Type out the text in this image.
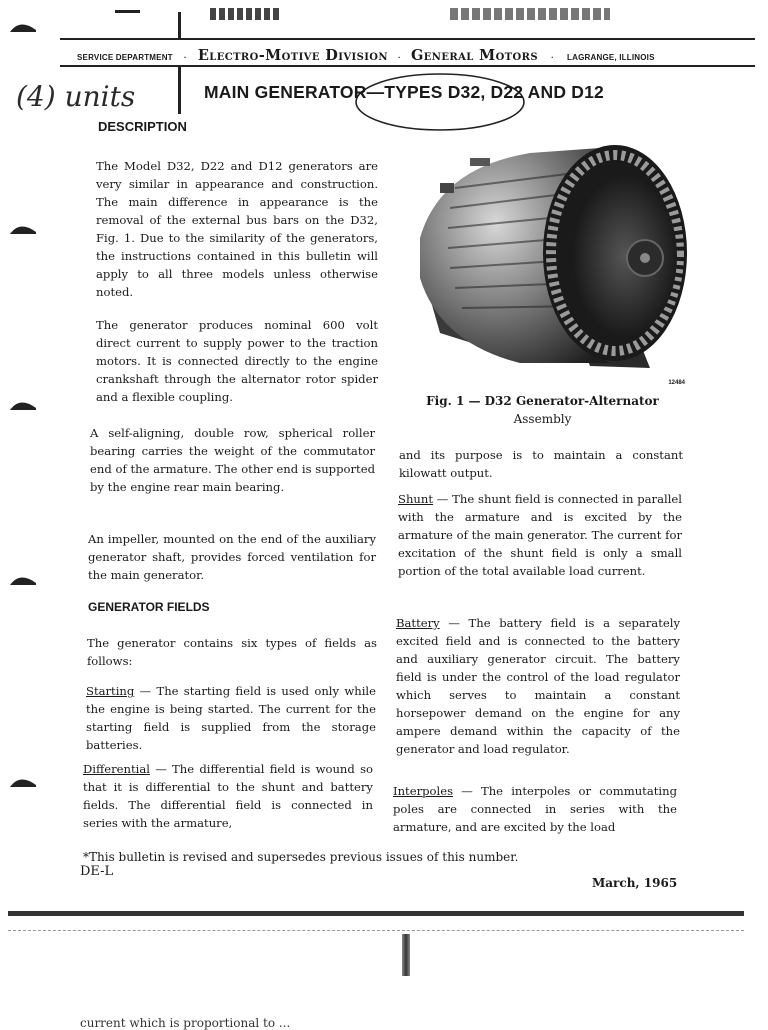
SERVICE DEPARTMENT · Electro-Motive Division · General Motors · LAGRANGE, ILLINOIS
(4) units	MAIN GENERATOR—TYPES D32, D22 AND D12
DESCRIPTION
The Model D32, D22 and D12 generators are very similar in appearance and construction. The main difference in appearance is the removal of the external bus bars on the D32, Fig. 1. Due to the similarity of the generators, the instructions contained in this bulletin will apply to all three models unless otherwise noted.
The generator produces nominal 600 volt direct current to supply power to the traction motors. It is connected directly to the engine crankshaft through the alternator rotor spider and a flexible coupling.
A self-aligning, double row, spherical roller bearing carries the weight of the commutator end of the armature. The other end is supported by the engine rear main bearing.
An impeller, mounted on the end of the auxiliary generator shaft, provides forced ventilation for the main generator.
GENERATOR FIELDS
The generator contains six types of fields as follows:
Starting — The starting field is used only while the engine is being started. The current for the starting field is supplied from the storage batteries.
Differential — The differential field is wound so that it is differential to the shunt and battery fields. The differential field is connected in series with the armature,
12484
Fig. 1 — D32 Generator-Alternator
Assembly
and its purpose is to maintain a constant kilowatt output.
Shunt — The shunt field is connected in parallel with the armature and is excited by the armature of the main generator. The current for excitation of the shunt field is only a small portion of the total available load current.
Battery — The battery field is a separately excited field and is connected to the battery and auxiliary generator circuit. The battery field is under the control of the load regulator which serves to maintain a constant horsepower demand on the engine for any ampere demand within the capacity of the generator and load regulator.
Interpoles — The interpoles or commutating poles are connected in series with the armature, and are excited by the load
*This bulletin is revised and supersedes previous issues of this number.
DE-L
March, 1965
current which is proportional to ...
